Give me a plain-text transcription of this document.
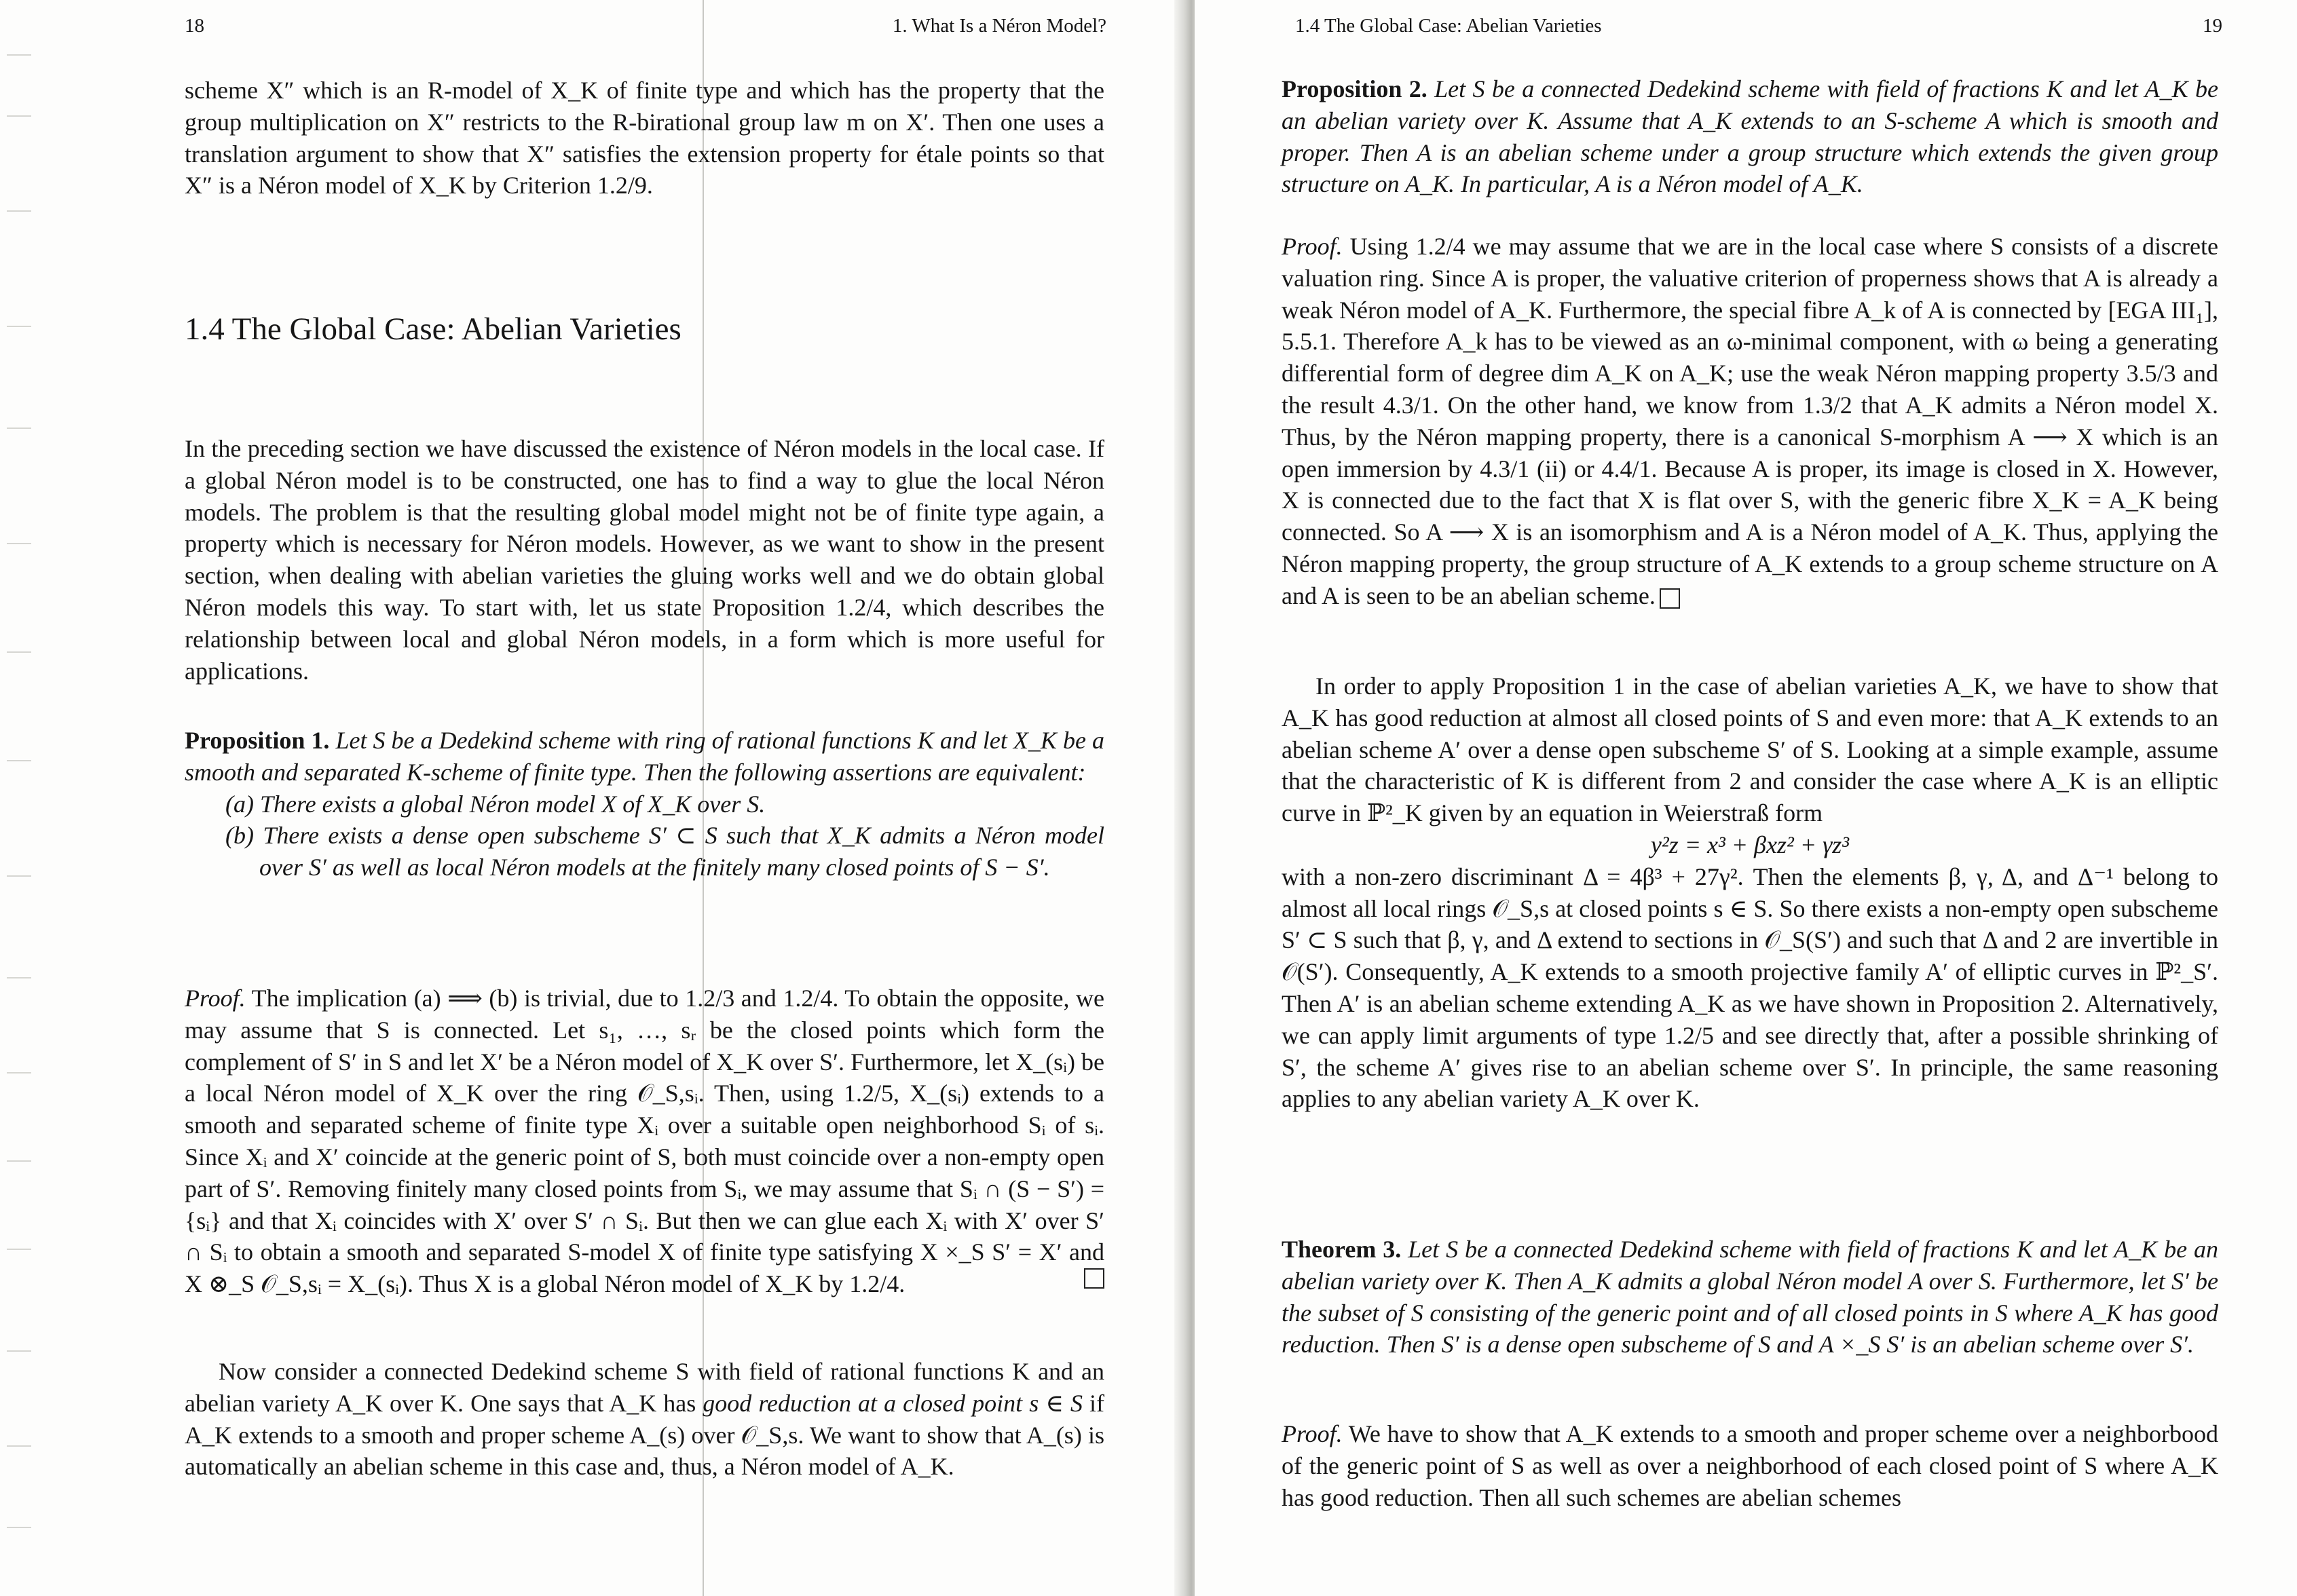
18	1. What Is a Néron Model?

scheme X″ which is an R-model of X_K of finite type and which has the property that the group multiplication on X″ restricts to the R-birational group law m on X′. Then one uses a translation argument to show that X″ satisfies the extension property for étale points so that X″ is a Néron model of X_K by Criterion 1.2/9.

1.4 The Global Case: Abelian Varieties

In the preceding section we have discussed the existence of Néron models in the local case. If a global Néron model is to be constructed, one has to find a way to glue the local Néron models. The problem is that the resulting global model might not be of finite type again, a property which is necessary for Néron models. However, as we want to show in the present section, when dealing with abelian varieties the gluing works well and we do obtain global Néron models this way. To start with, let us state Proposition 1.2/4, which describes the relationship between local and global Néron models, in a form which is more useful for applications.

Proposition 1. Let S be a Dedekind scheme with ring of rational functions K and let X_K be a smooth and separated K-scheme of finite type. Then the following assertions are equivalent:

(a) There exists a global Néron model X of X_K over S.

(b) There exists a dense open subscheme S′ ⊂ S such that X_K admits a Néron model over S′ as well as local Néron models at the finitely many closed points of S − S′.

Proof. The implication (a) ⟹ (b) is trivial, due to 1.2/3 and 1.2/4. To obtain the opposite, we may assume that S is connected. Let s₁, …, sᵣ be the closed points which form the complement of S′ in S and let X′ be a Néron model of X_K over S′. Furthermore, let X_(sᵢ) be a local Néron model of X_K over the ring 𝒪_S,sᵢ. Then, using 1.2/5, X_(sᵢ) extends to a smooth and separated scheme of finite type Xᵢ over a suitable open neighborhood Sᵢ of sᵢ. Since Xᵢ and X′ coincide at the generic point of S, both must coincide over a non-empty open part of S′. Removing finitely many closed points from Sᵢ, we may assume that Sᵢ ∩ (S − S′) = {sᵢ} and that Xᵢ coincides with X′ over S′ ∩ Sᵢ. But then we can glue each Xᵢ with X′ over S′ ∩ Sᵢ to obtain a smooth and separated S-model X of finite type satisfying X ×_S S′ = X′ and X ⊗_S 𝒪_S,sᵢ = X_(sᵢ). Thus X is a global Néron model of X_K by 1.2/4.

Now consider a connected Dedekind scheme S with field of rational functions K and an abelian variety A_K over K. One says that A_K has good reduction at a closed point s ∈ S if A_K extends to a smooth and proper scheme A_(s) over 𝒪_S,s. We want to show that A_(s) is automatically an abelian scheme in this case and, thus, a Néron model of A_K.

1.4 The Global Case: Abelian Varieties	19

Proposition 2. Let S be a connected Dedekind scheme with field of fractions K and let A_K be an abelian variety over K. Assume that A_K extends to an S-scheme A which is smooth and proper. Then A is an abelian scheme under a group structure which extends the given group structure on A_K. In particular, A is a Néron model of A_K.

Proof. Using 1.2/4 we may assume that we are in the local case where S consists of a discrete valuation ring. Since A is proper, the valuative criterion of properness shows that A is already a weak Néron model of A_K. Furthermore, the special fibre A_k of A is connected by [EGA III₁], 5.5.1. Therefore A_k has to be viewed as an ω-minimal component, with ω being a generating differential form of degree dim A_K on A_K; use the weak Néron mapping property 3.5/3 and the result 4.3/1. On the other hand, we know from 1.3/2 that A_K admits a Néron model X. Thus, by the Néron mapping property, there is a canonical S-morphism A ⟶ X which is an open immersion by 4.3/1 (ii) or 4.4/1. Because A is proper, its image is closed in X. However, X is connected due to the fact that X is flat over S, with the generic fibre X_K = A_K being connected. So A ⟶ X is an isomorphism and A is a Néron model of A_K. Thus, applying the Néron mapping property, the group structure of A_K extends to a group scheme structure on A and A is seen to be an abelian scheme.

In order to apply Proposition 1 in the case of abelian varieties A_K, we have to show that A_K has good reduction at almost all closed points of S and even more: that A_K extends to an abelian scheme A′ over a dense open subscheme S′ of S. Looking at a simple example, assume that the characteristic of K is different from 2 and consider the case where A_K is an elliptic curve in ℙ²_K given by an equation in Weierstraß form

y²z = x³ + βxz² + γz³

with a non-zero discriminant Δ = 4β³ + 27γ². Then the elements β, γ, Δ, and Δ⁻¹ belong to almost all local rings 𝒪_S,s at closed points s ∈ S. So there exists a non-empty open subscheme S′ ⊂ S such that β, γ, and Δ extend to sections in 𝒪_S(S′) and such that Δ and 2 are invertible in 𝒪(S′). Consequently, A_K extends to a smooth projective family A′ of elliptic curves in ℙ²_S′. Then A′ is an abelian scheme extending A_K as we have shown in Proposition 2. Alternatively, we can apply limit arguments of type 1.2/5 and see directly that, after a possible shrinking of S′, the scheme A′ gives rise to an abelian scheme over S′. In principle, the same reasoning applies to any abelian variety A_K over K.

Theorem 3. Let S be a connected Dedekind scheme with field of fractions K and let A_K be an abelian variety over K. Then A_K admits a global Néron model A over S. Furthermore, let S′ be the subset of S consisting of the generic point and of all closed points in S where A_K has good reduction. Then S′ is a dense open subscheme of S and A ×_S S′ is an abelian scheme over S′.

Proof. We have to show that A_K extends to a smooth and proper scheme over a neighborbood of the generic point of S as well as over a neighborhood of each closed point of S where A_K has good reduction. Then all such schemes are abelian schemes
